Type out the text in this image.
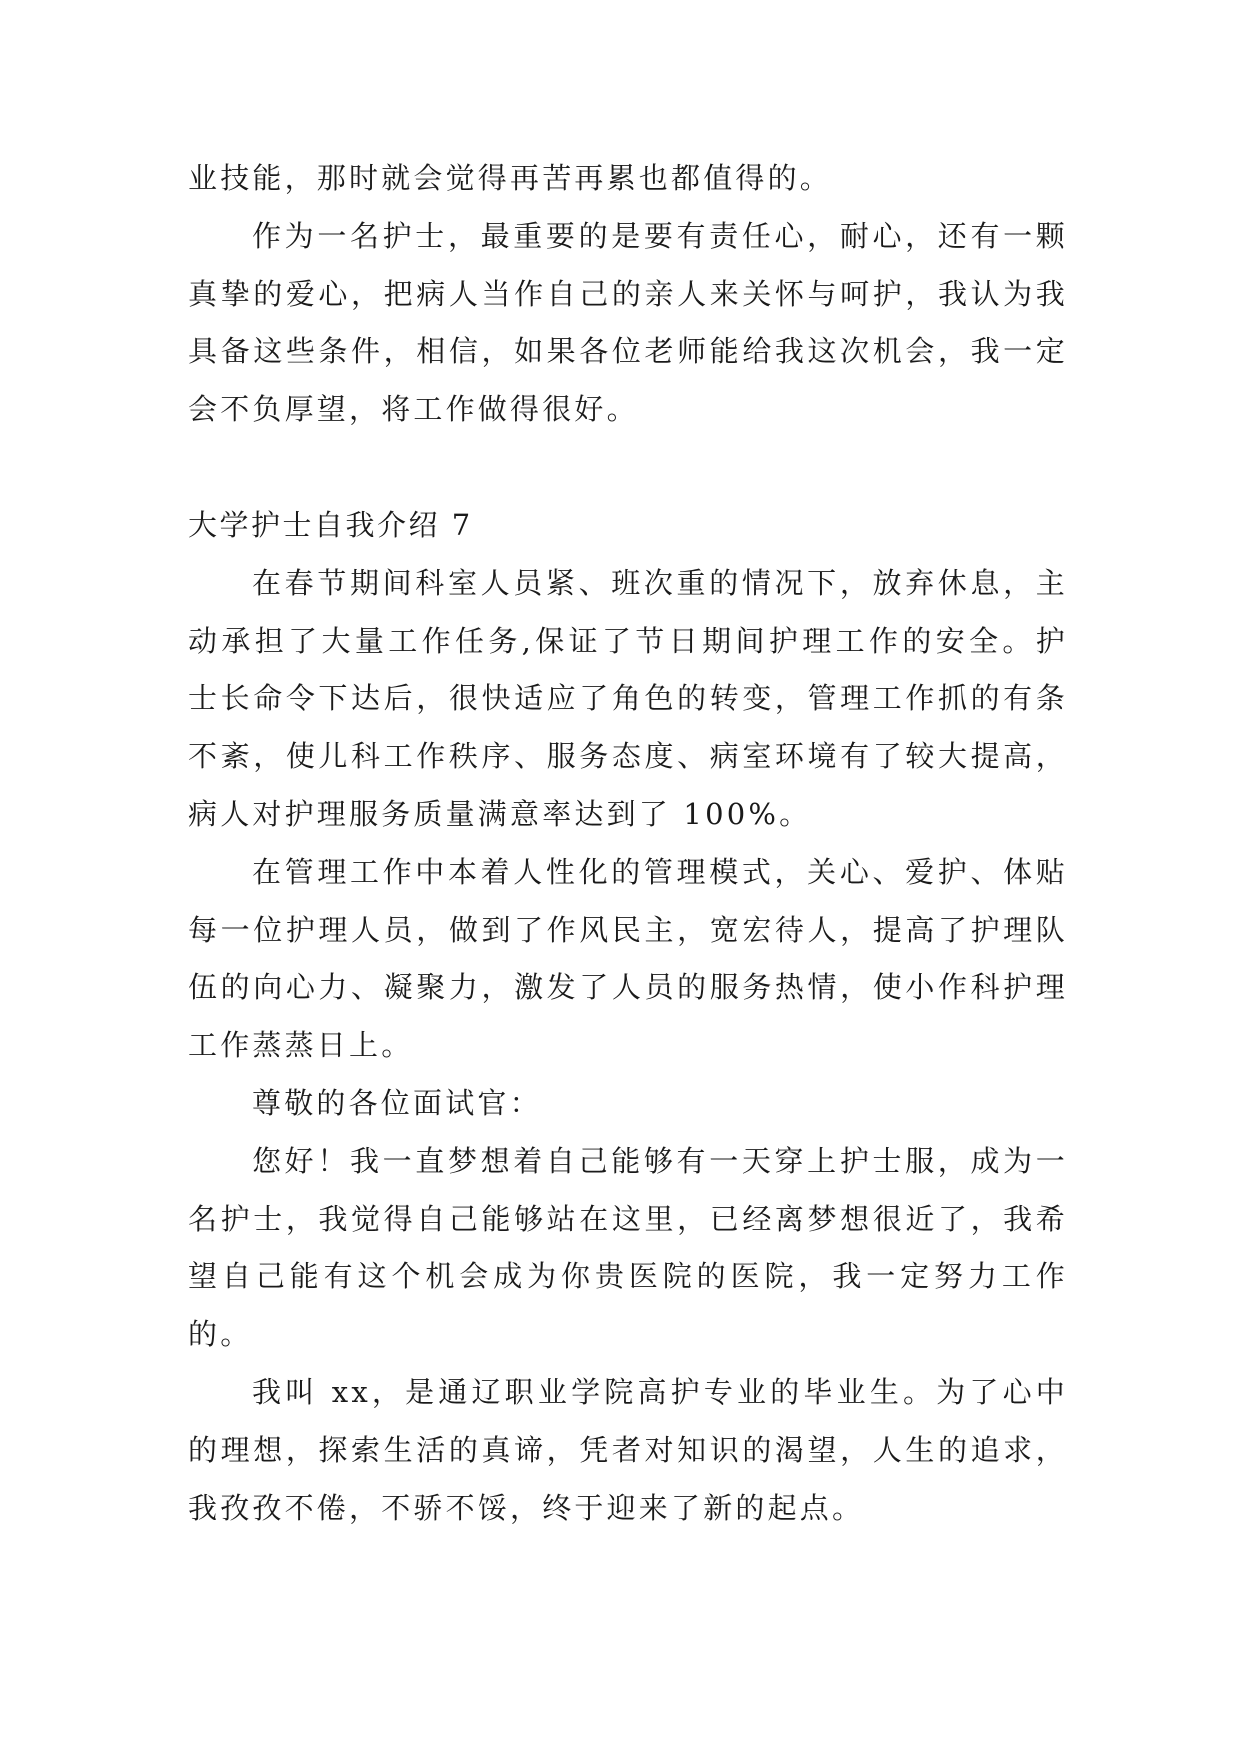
业技能，那时就会觉得再苦再累也都值得的。

作为一名护士，最重要的是要有责任心，耐心，还有一颗真挚的爱心，把病人当作自己的亲人来关怀与呵护，我认为我具备这些条件，相信，如果各位老师能给我这次机会，我一定会不负厚望，将工作做得很好。

大学护士自我介绍 7

在春节期间科室人员紧、班次重的情况下，放弃休息，主动承担了大量工作任务,保证了节日期间护理工作的安全。护士长命令下达后，很快适应了角色的转变，管理工作抓的有条不紊，使儿科工作秩序、服务态度、病室环境有了较大提高，病人对护理服务质量满意率达到了 100%。

在管理工作中本着人性化的管理模式，关心、爱护、体贴每一位护理人员，做到了作风民主，宽宏待人，提高了护理队伍的向心力、凝聚力，激发了人员的服务热情，使小作科护理工作蒸蒸日上。

尊敬的各位面试官：

您好！我一直梦想着自己能够有一天穿上护士服，成为一名护士，我觉得自己能够站在这里，已经离梦想很近了，我希望自己能有这个机会成为你贵医院的医院，我一定努力工作的。

我叫 xx，是通辽职业学院高护专业的毕业生。为了心中的理想，探索生活的真谛，凭者对知识的渴望，人生的追求，我孜孜不倦，不骄不馁，终于迎来了新的起点。
